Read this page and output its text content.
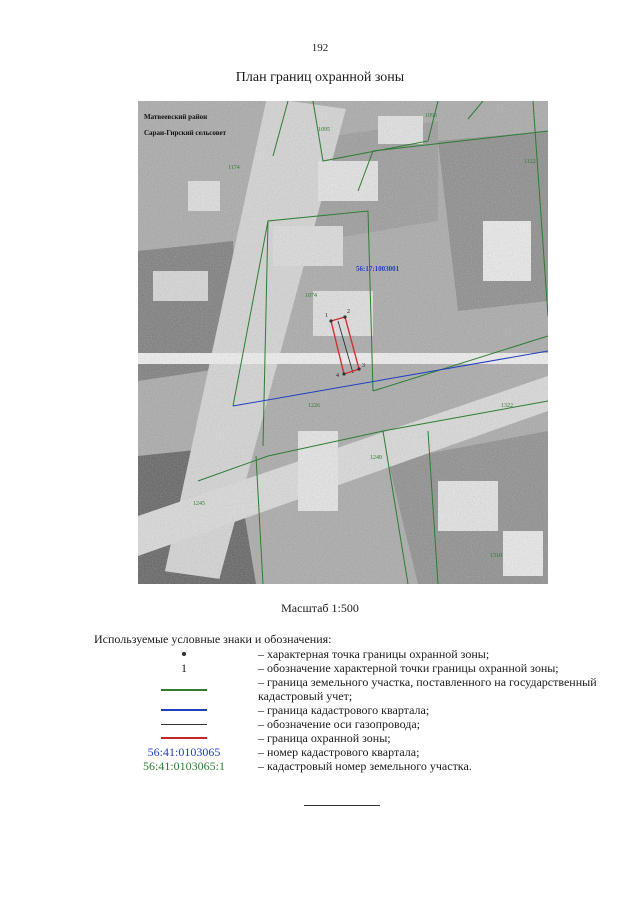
192
План границ охранной зоны
Матвеевский район
Саран-Гирский сельсовет	1095
1093
1122
1174
1074
1226	1322
1245
1249
1310
56:17:1003001
1
2
3
4
Масштаб 1:500
Используемые условные знаки и обозначения:
– характерная точка границы охранной зоны;
1	– обозначение характерной точки границы охранной зоны;
– граница земельного участка, поставленного на государственный кадастровый учет;
– граница кадастрового квартала;
– обозначение оси газопровода;
– граница охранной зоны;
56:41:0103065	– номер кадастрового квартала;
56:41:0103065:1	– кадастровый номер земельного участка.
